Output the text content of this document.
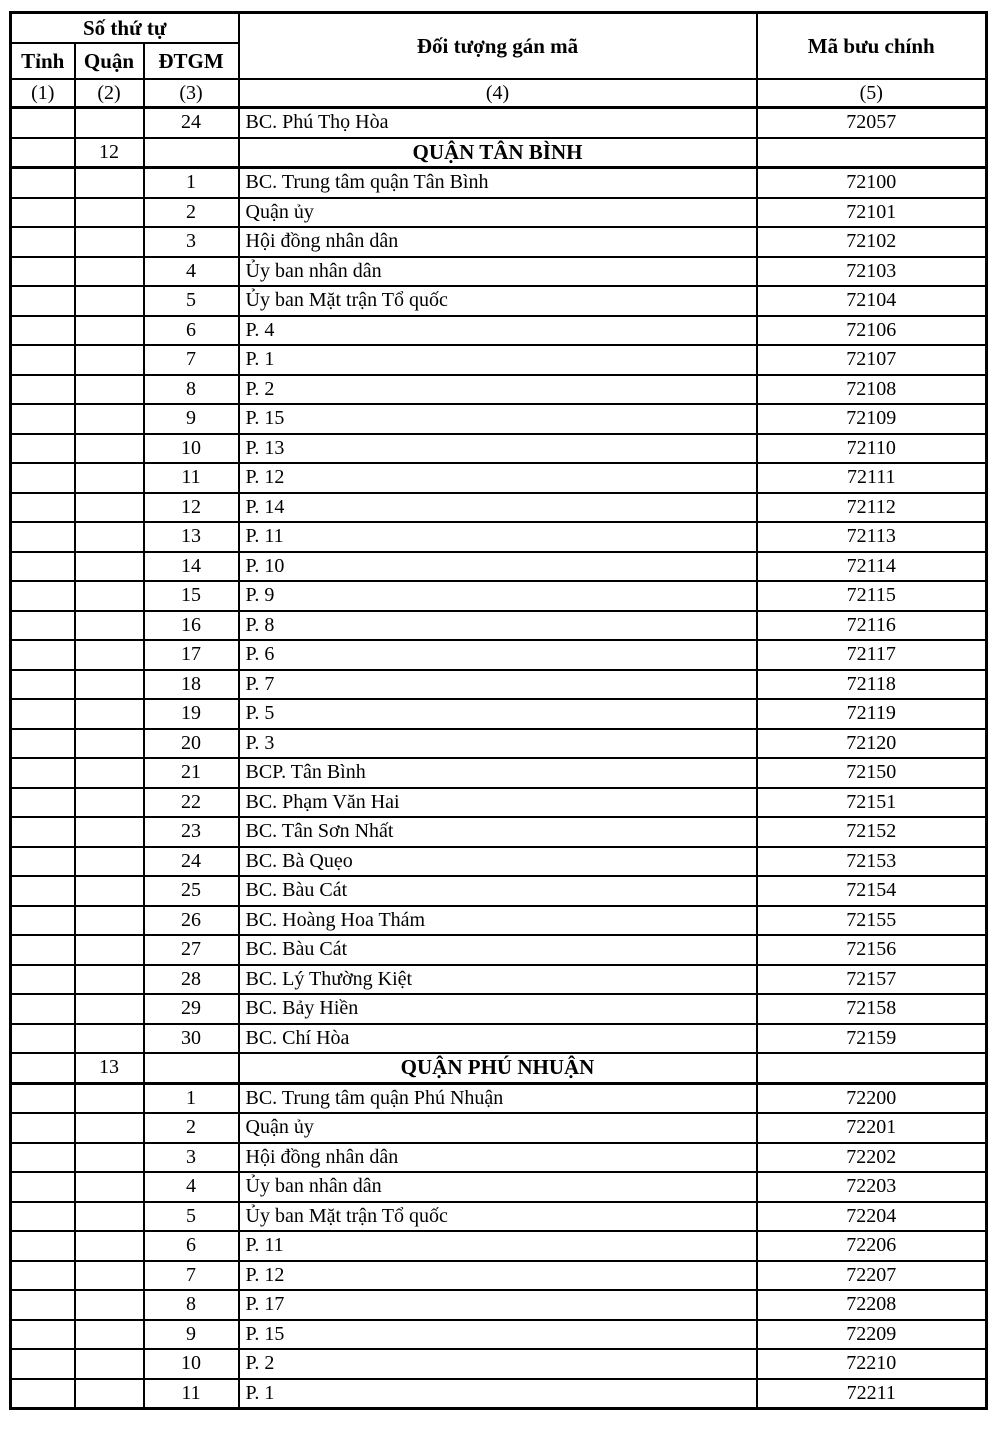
Số thứ tự			Đối tượng gán mã	Mã bưu chính
Tỉnh	Quận	ĐTGM		
(1)	(2)	(3)	(4)	(5)
		24	BC. Phú Thọ Hòa	72057
	12		QUẬN TÂN BÌNH	
		1	BC. Trung tâm quận Tân Bình	72100
		2	Quận ủy	72101
		3	Hội đồng nhân dân	72102
		4	Ủy ban nhân dân	72103
		5	Ủy ban Mặt trận Tổ quốc	72104
		6	P. 4	72106
		7	P. 1	72107
		8	P. 2	72108
		9	P. 15	72109
		10	P. 13	72110
		11	P. 12	72111
		12	P. 14	72112
		13	P. 11	72113
		14	P. 10	72114
		15	P. 9	72115
		16	P. 8	72116
		17	P. 6	72117
		18	P. 7	72118
		19	P. 5	72119
		20	P. 3	72120
		21	BCP. Tân Bình	72150
		22	BC. Phạm Văn Hai	72151
		23	BC. Tân Sơn Nhất	72152
		24	BC. Bà Quẹo	72153
		25	BC. Bàu Cát	72154
		26	BC. Hoàng Hoa Thám	72155
		27	BC. Bàu Cát	72156
		28	BC. Lý Thường Kiệt	72157
		29	BC. Bảy Hiền	72158
		30	BC. Chí Hòa	72159
	13		QUẬN PHÚ NHUẬN	
		1	BC. Trung tâm quận Phú Nhuận	72200
		2	Quận ủy	72201
		3	Hội đồng nhân dân	72202
		4	Ủy ban nhân dân	72203
		5	Ủy ban Mặt trận Tổ quốc	72204
		6	P. 11	72206
		7	P. 12	72207
		8	P. 17	72208
		9	P. 15	72209
		10	P. 2	72210
		11	P. 1	72211
